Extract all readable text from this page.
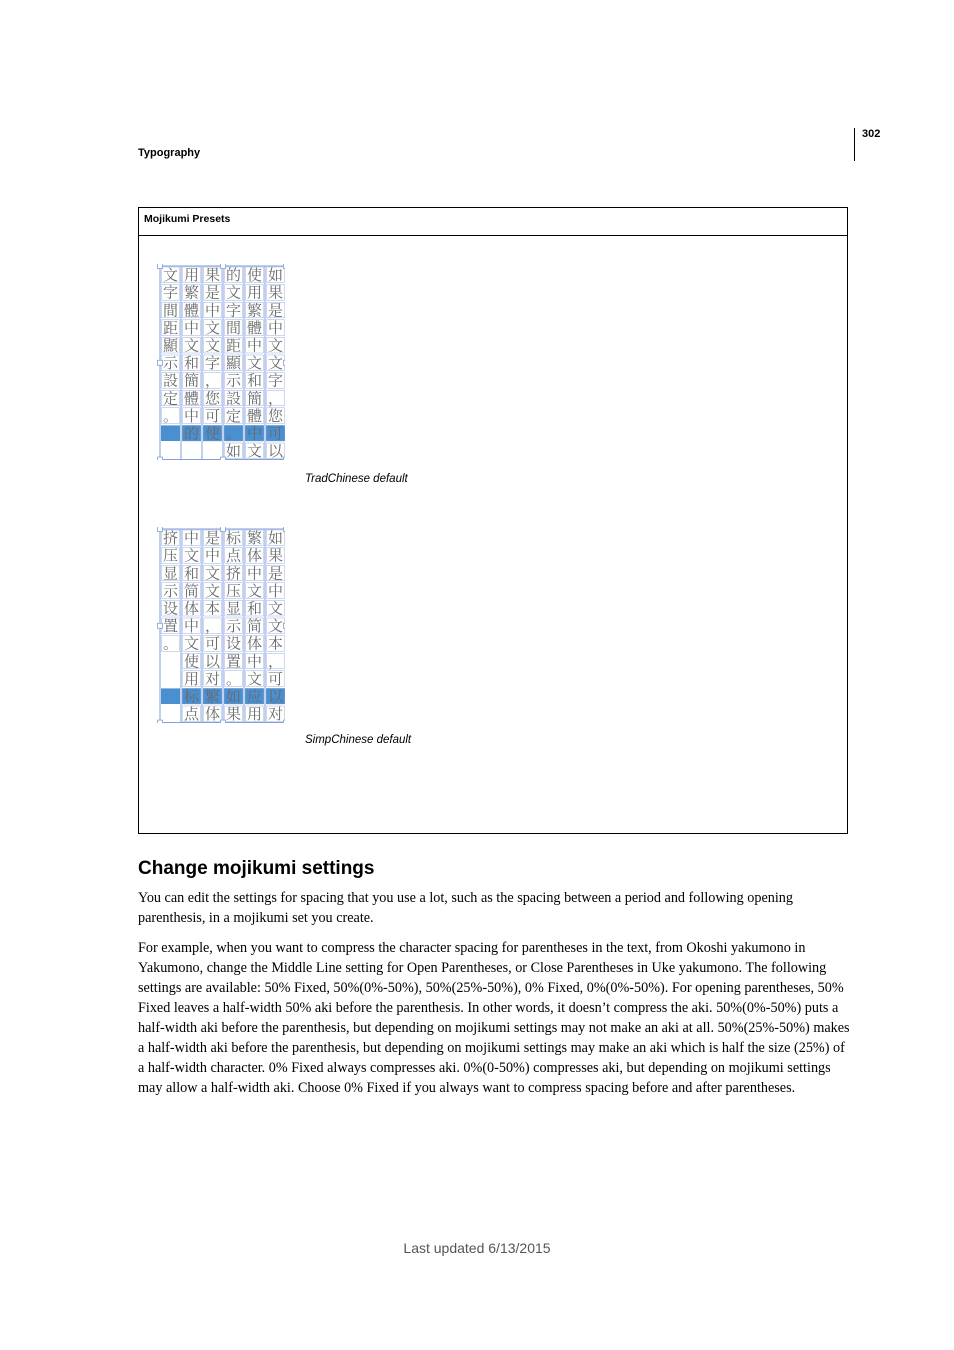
302
Typography
Mojikumi Presets
如
果
是
中
文
文
字
，
您
可
以
使
用
繁
體
中
文
和
簡
體
中
文
的
文
字
間
距
顯
示
設
定
。
如
果
是
中
文
文
字
，
您
可
使
用
繁
體
中
文
和
簡
體
中
的
文
字
間
距
顯
示
設
定
。
TradChinese default
如
果
是
中
文
文
本
，
可
以
对
繁
体
中
文
和
简
体
中
文
应
用
标
点
挤
压
显
示
设
置
。
如
果
是
中
文
文
本
，
可
以
对
繁
体
中
文
和
简
体
中
文
使
用
标
点
挤
压
显
示
设
置
。
SimpChinese default
Change mojikumi settings

You can edit the settings for spacing that you use a lot, such as the spacing between a period and following opening parenthesis, in a mojikumi set you create.

For example, when you want to compress the character spacing for parentheses in the text, from Okoshi yakumono in Yakumono, change the Middle Line setting for Open Parentheses, or Close Parentheses in Uke yakumono. The following settings are available: 50% Fixed, 50%(0%-50%), 50%(25%-50%), 0% Fixed, 0%(0%-50%). For opening parentheses, 50% Fixed leaves a half-width 50% aki before the parenthesis. In other words, it doesn’t compress the aki. 50%(0%-50%) puts a half-width aki before the parenthesis, but depending on mojikumi settings may not make an aki at all. 50%(25%-50%) makes a half-width aki before the parenthesis, but depending on mojikumi settings may make an aki which is half the size (25%) of a half-width character. 0% Fixed always compresses aki. 0%(0-50%) compresses aki, but depending on mojikumi settings may allow a half-width aki. Choose 0% Fixed if you always want to compress spacing before and after parentheses.

Last updated 6/13/2015
